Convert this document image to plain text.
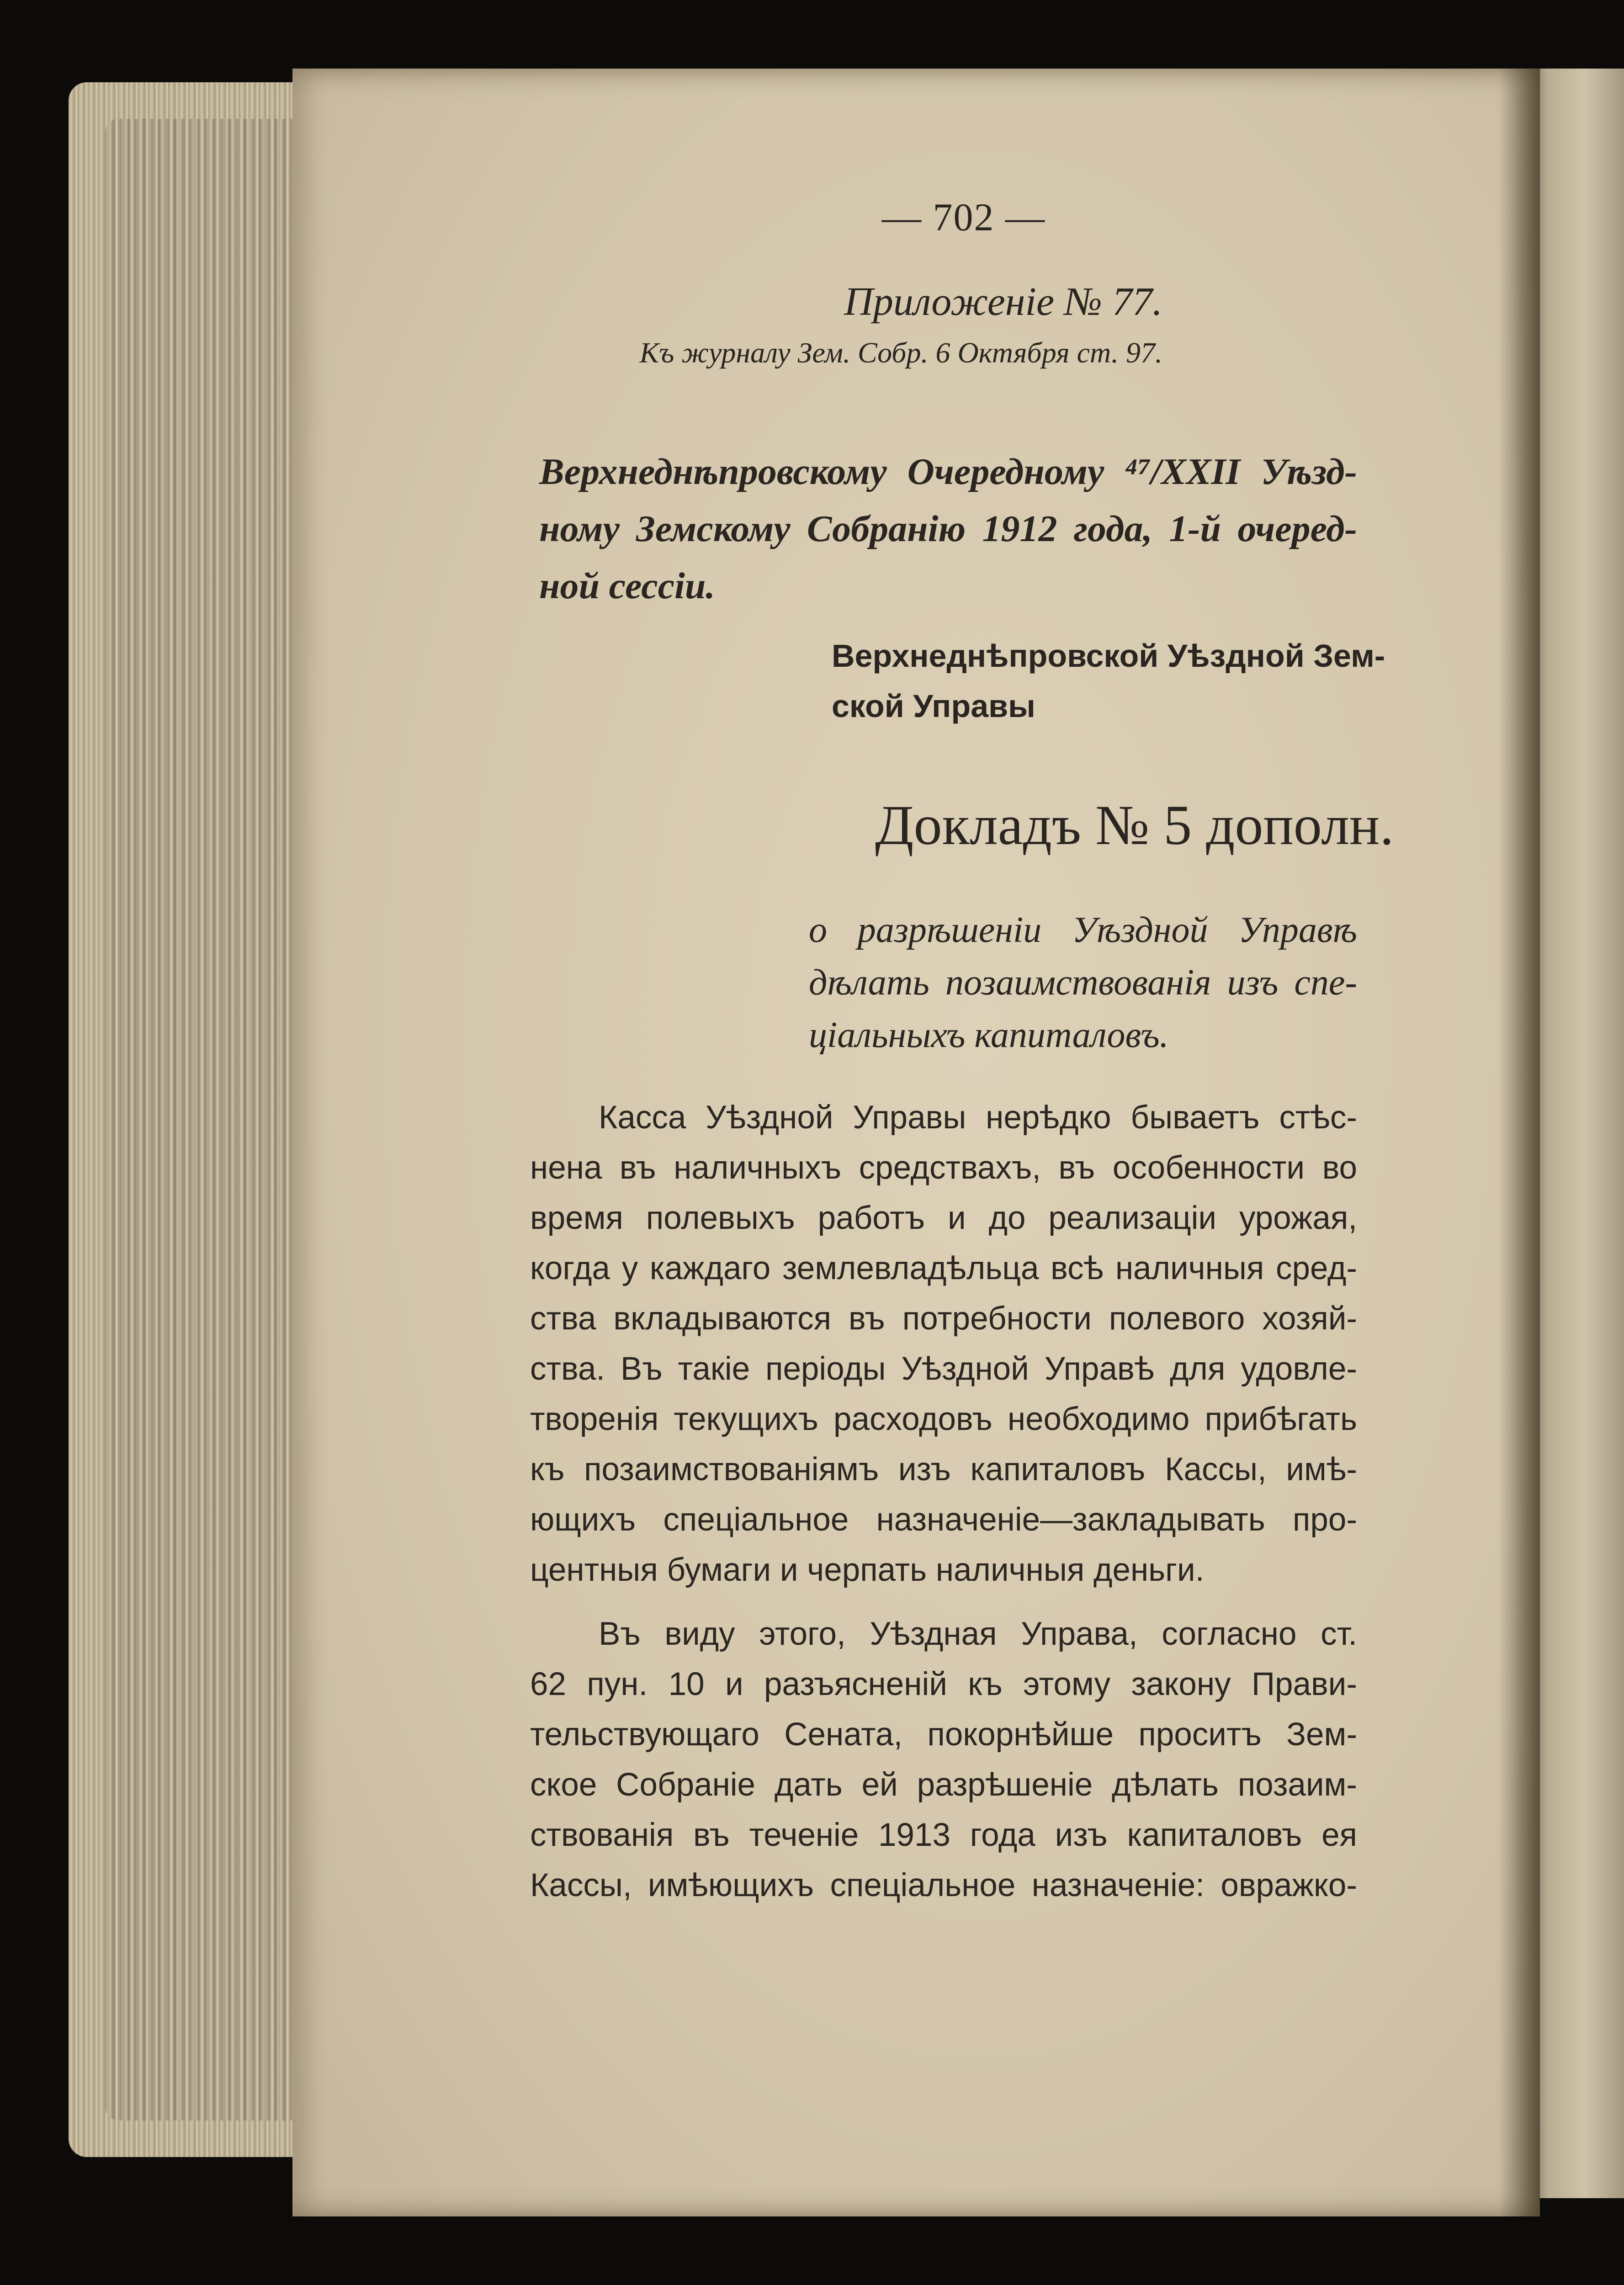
— 702 —
Приложеніе № 77.
Къ журналу Зем. Собр. 6 Октября ст. 97.
Верхнеднѣпровскому Очередному ⁴⁷/XXII Уѣзд-
ному Земскому Собранію 1912 года, 1-й очеред-
ной сессіи.
Верхнеднѣпровской Уѣздной Зем-
ской Управы
Докладъ № 5 дополн.
о разрѣшеніи Уѣздной Управѣ
дѣлать позаимствованія изъ спе-
ціальныхъ капиталовъ.
Касса Уѣздной Управы нерѣдко бываетъ стѣс-
нена въ наличныхъ средствахъ, въ особенности во
время полевыхъ работъ и до реализаціи урожая,
когда у каждаго землевладѣльца всѣ наличныя сред-
ства вкладываются въ потребности полевого хозяй-
ства. Въ такіе періоды Уѣздной Управѣ для удовле-
творенія текущихъ расходовъ необходимо прибѣгать
къ позаимствованіямъ изъ капиталовъ Кассы, имѣ-
ющихъ спеціальное назначеніе—закладывать про-
центныя бумаги и черпать наличныя деньги.
Въ виду этого, Уѣздная Управа, согласно ст.
62 пун. 10 и разъясненій къ этому закону Прави-
тельствующаго Сената, покорнѣйше проситъ Зем-
ское Собраніе дать ей разрѣшеніе дѣлать позаим-
ствованія въ теченіе 1913 года изъ капиталовъ ея
Кассы, имѣющихъ спеціальное назначеніе: овражко-
